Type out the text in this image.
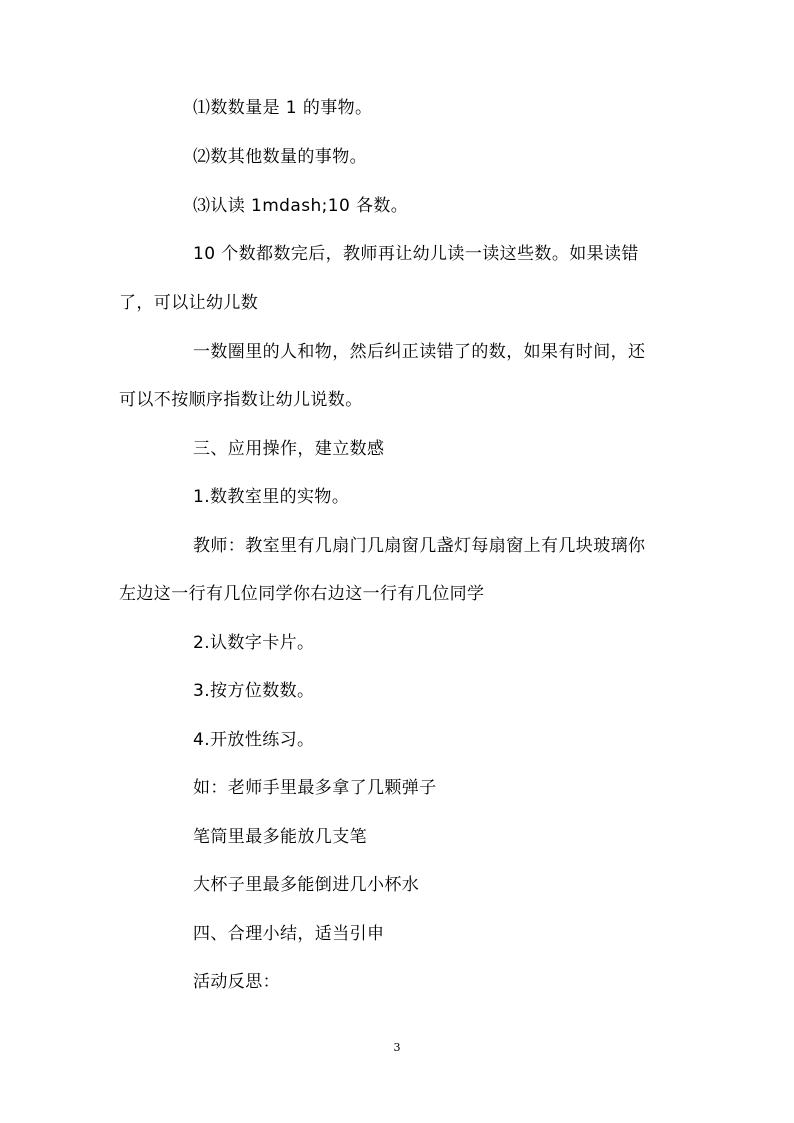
⑴数数量是 1 的事物。
⑵数其他数量的事物。
⑶认读 1mdash;10 各数。
10 个数都数完后，教师再让幼儿读一读这些数。如果读错
了，可以让幼儿数
一数圈里的人和物，然后纠正读错了的数，如果有时间，还
可以不按顺序指数让幼儿说数。
三、应用操作，建立数感
1.数教室里的实物。
教师：教室里有几扇门几扇窗几盏灯每扇窗上有几块玻璃你
左边这一行有几位同学你右边这一行有几位同学
2.认数字卡片。
3.按方位数数。
4.开放性练习。
如：老师手里最多拿了几颗弹子
笔筒里最多能放几支笔
大杯子里最多能倒进几小杯水
四、合理小结，适当引申
活动反思：
3
